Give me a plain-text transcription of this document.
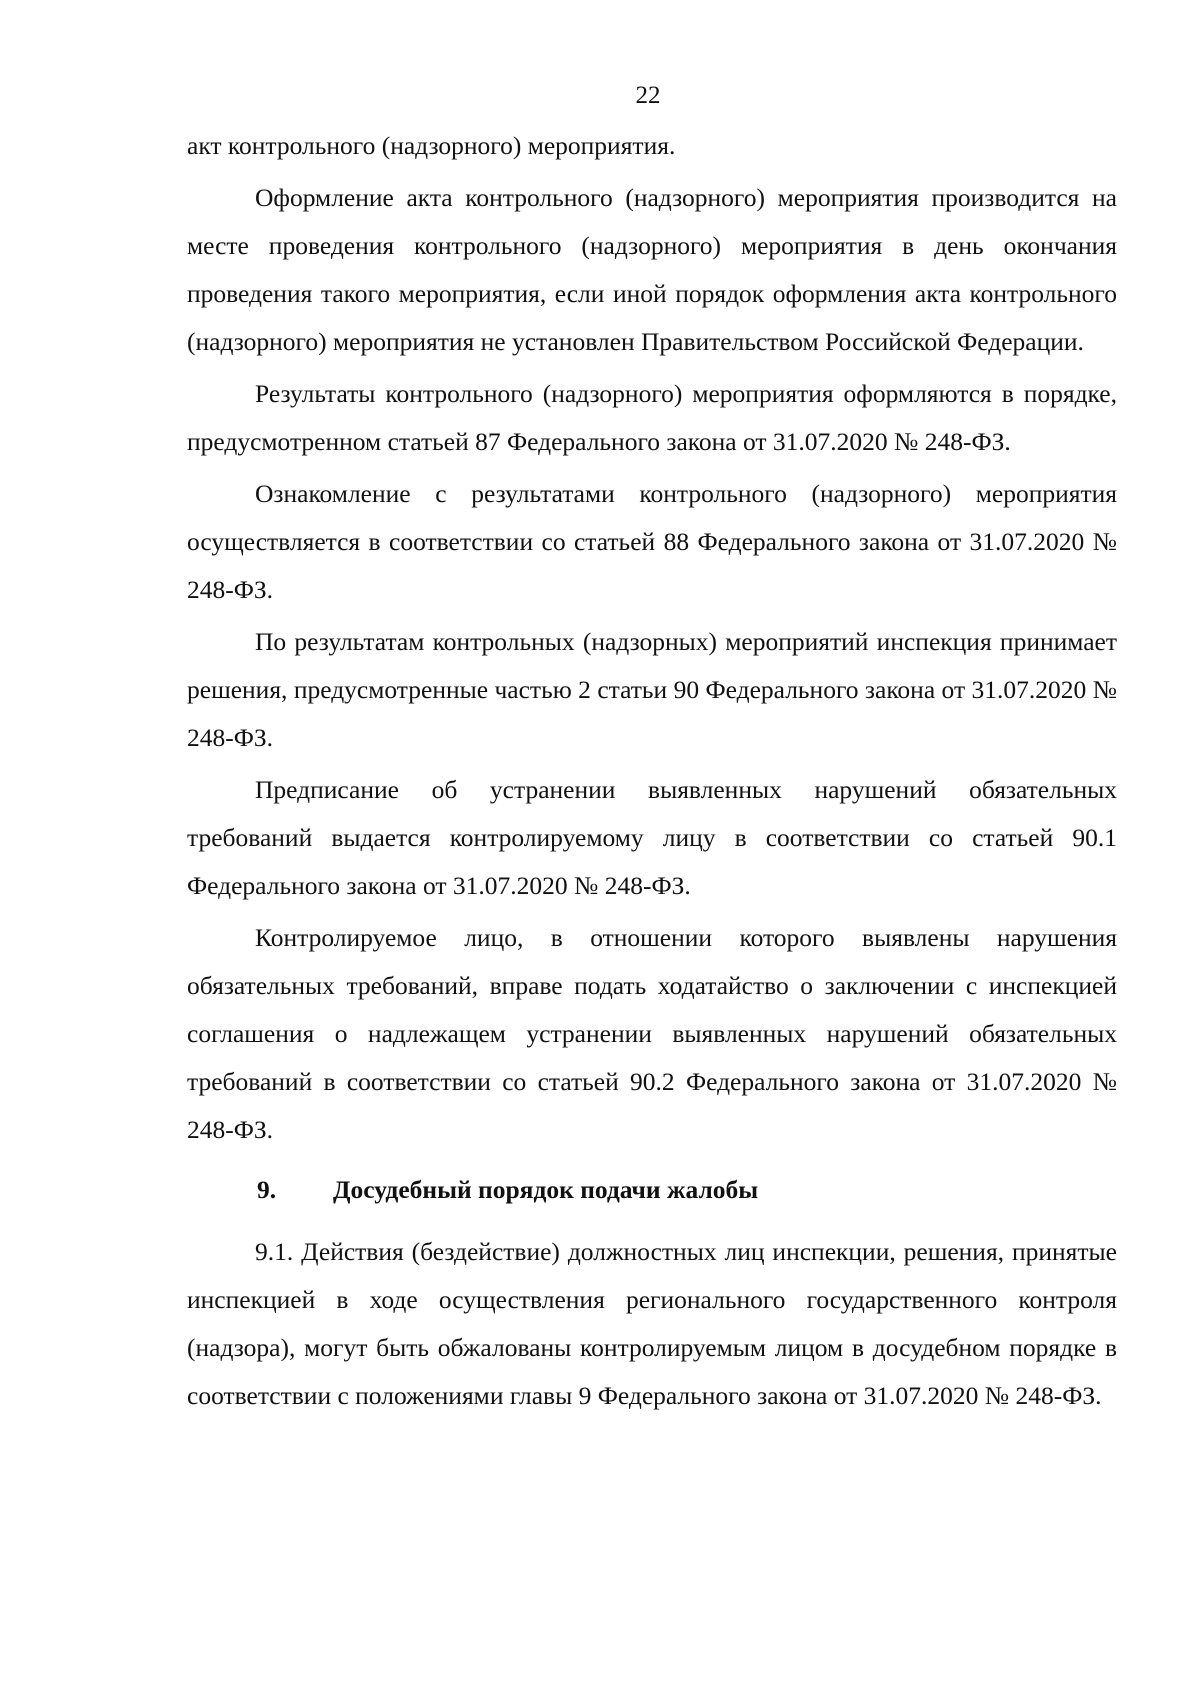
22

акт контрольного (надзорного) мероприятия.

Оформление акта контрольного (надзорного) мероприятия производится на месте проведения контрольного (надзорного) мероприятия в день окончания проведения такого мероприятия, если иной порядок оформления акта контрольного (надзорного) мероприятия не установлен Правительством Российской Федерации.

Результаты контрольного (надзорного) мероприятия оформляются в порядке, предусмотренном статьей 87 Федерального закона от 31.07.2020 № 248-ФЗ.

Ознакомление с результатами контрольного (надзорного) мероприятия осуществляется в соответствии со статьей 88 Федерального закона от 31.07.2020 № 248-ФЗ.

По результатам контрольных (надзорных) мероприятий инспекция принимает решения, предусмотренные частью 2 статьи 90 Федерального закона от 31.07.2020 № 248-ФЗ.

Предписание об устранении выявленных нарушений обязательных требований выдается контролируемому лицу в соответствии со статьей 90.1 Федерального закона от 31.07.2020 № 248-ФЗ.

Контролируемое лицо, в отношении которого выявлены нарушения обязательных требований, вправе подать ходатайство о заключении с инспекцией соглашения о надлежащем устранении выявленных нарушений обязательных требований в соответствии со статьей 90.2 Федерального закона от 31.07.2020 № 248-ФЗ.

9. Досудебный порядок подачи жалобы

9.1. Действия (бездействие) должностных лиц инспекции, решения, принятые инспекцией в ходе осуществления регионального государственного контроля (надзора), могут быть обжалованы контролируемым лицом в досудебном порядке в соответствии с положениями главы 9 Федерального закона от 31.07.2020 № 248-ФЗ.
